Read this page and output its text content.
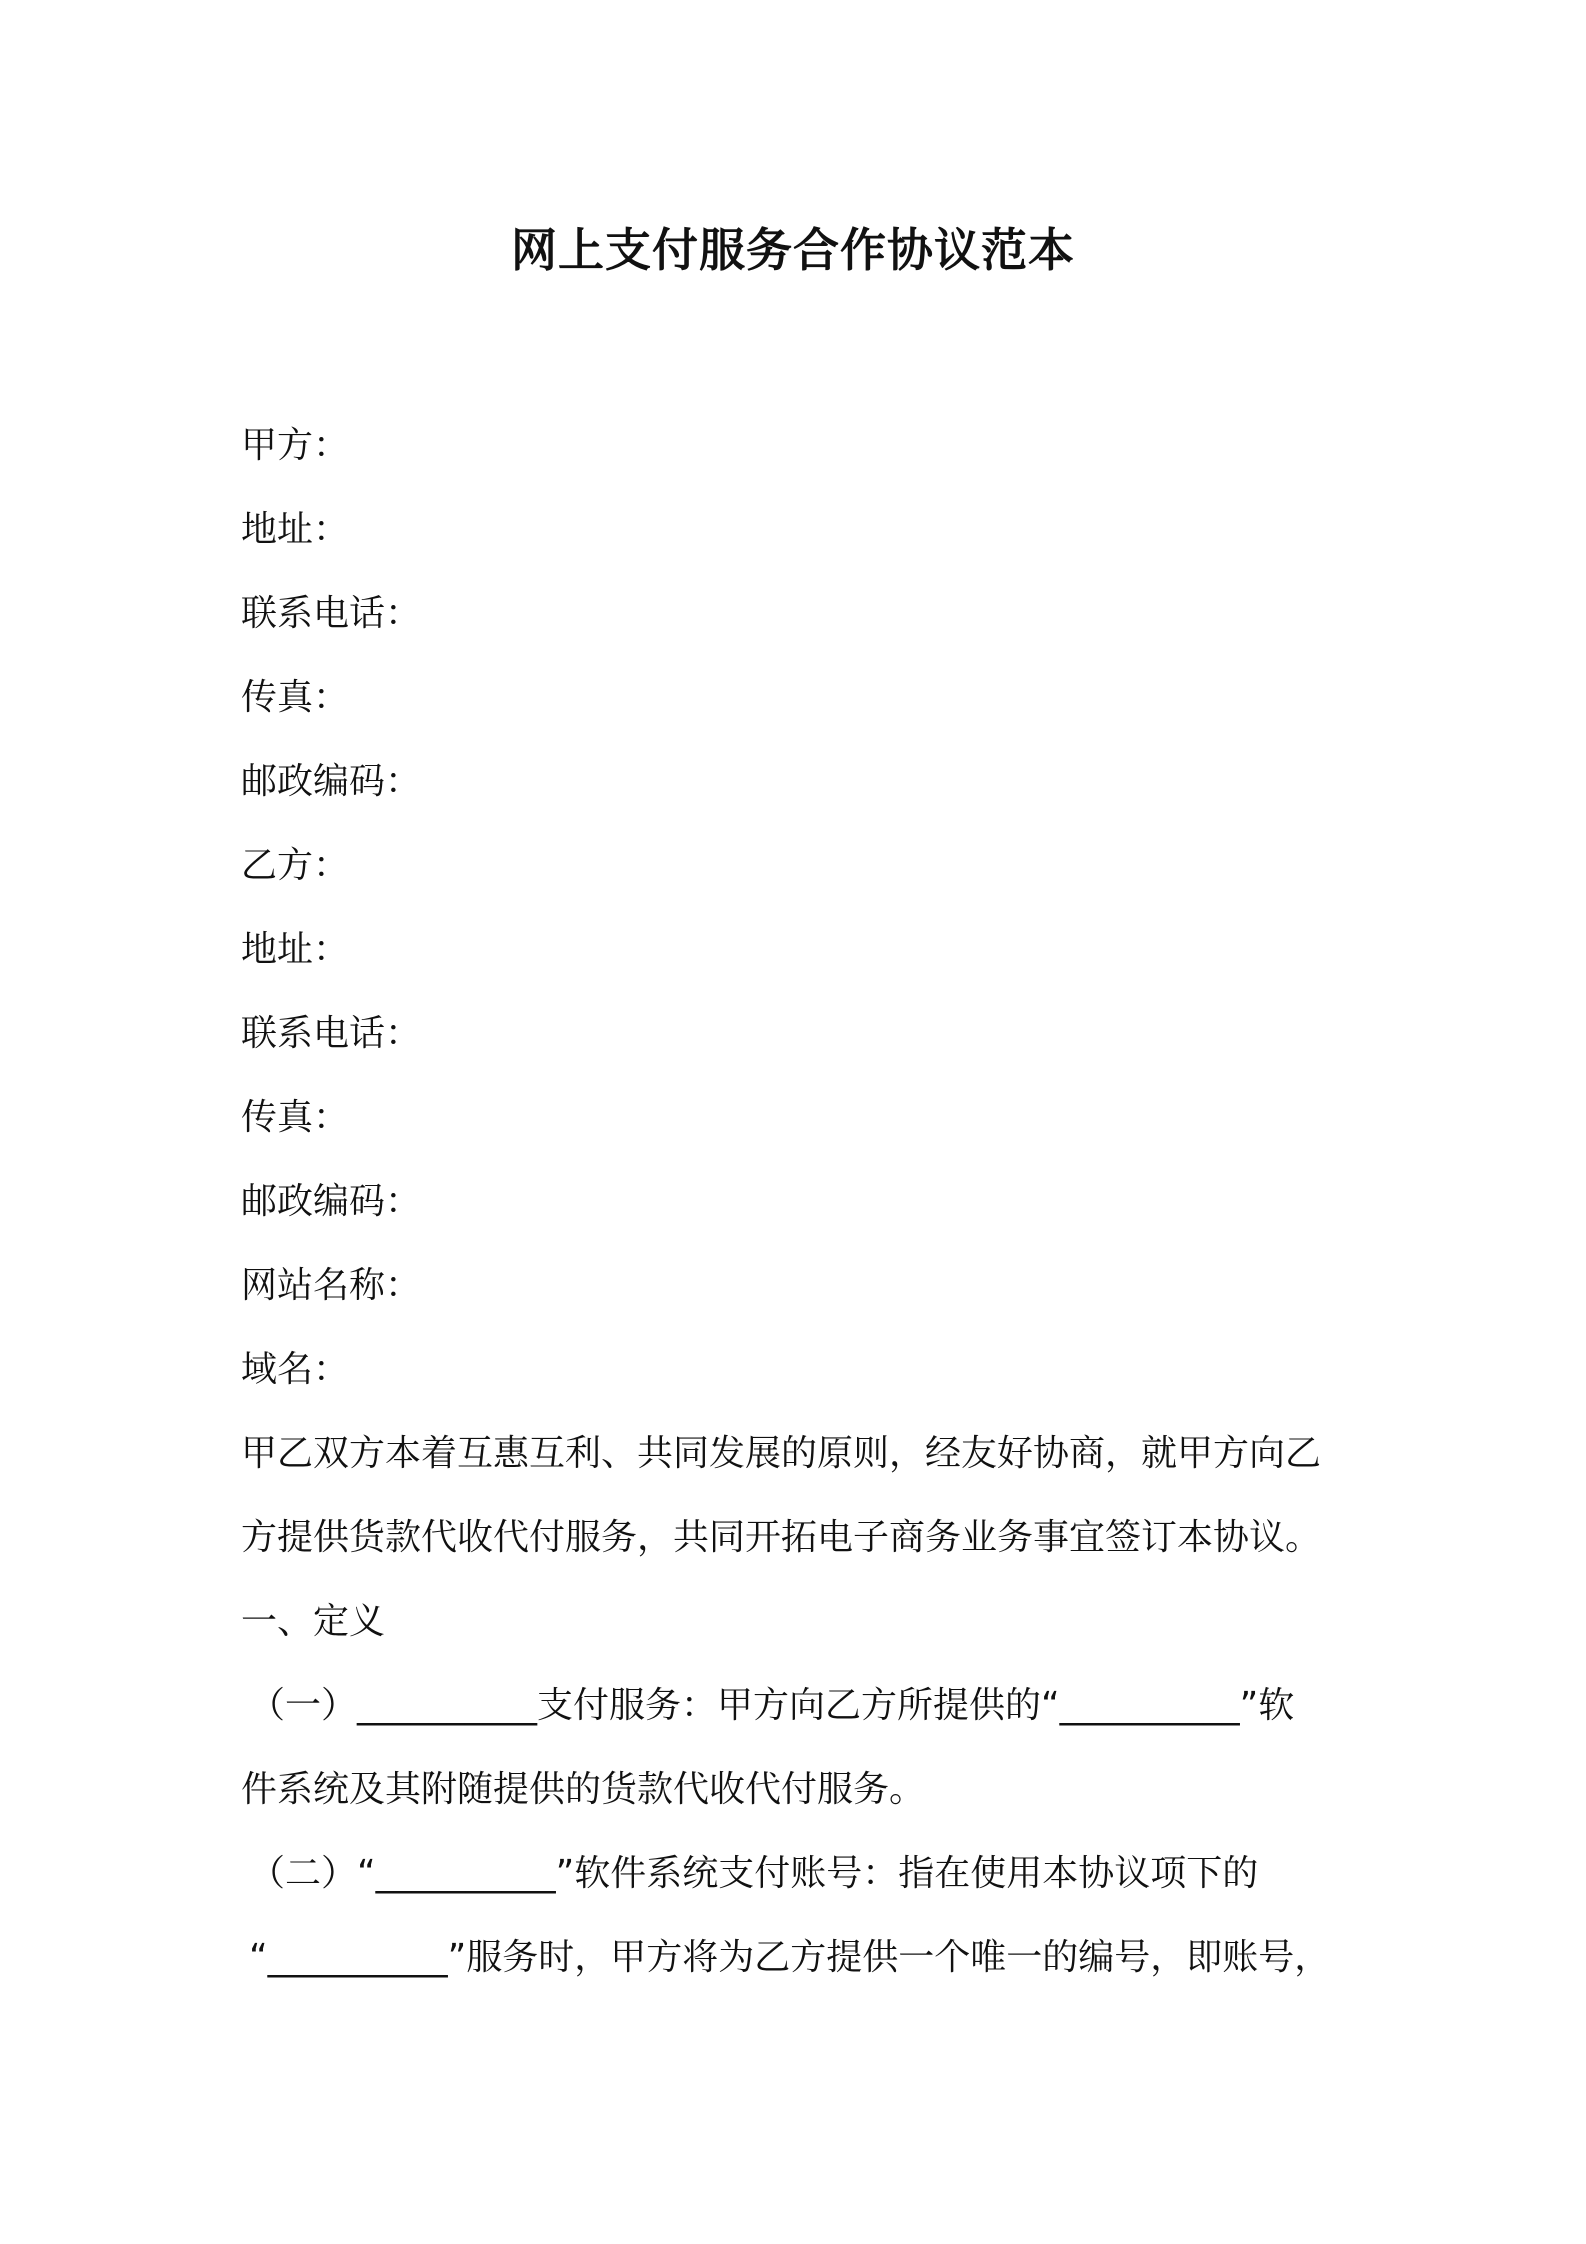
网上支付服务合作协议范本
甲方：
地址：
联系电话：
传真：
邮政编码：
乙方：
地址：
联系电话：
传真：
邮政编码：
网站名称：
域名：
甲乙双方本着互惠互利、共同发展的原则，经友好协商，就甲方向乙
方提供货款代收代付服务，共同开拓电子商务业务事宜签订本协议。
一、定义
（一）__________支付服务：甲方向乙方所提供的“__________”软
件系统及其附随提供的货款代收代付服务。
（二）“__________”软件系统支付账号：指在使用本协议项下的
“__________”服务时，甲方将为乙方提供一个唯一的编号，即账号，
